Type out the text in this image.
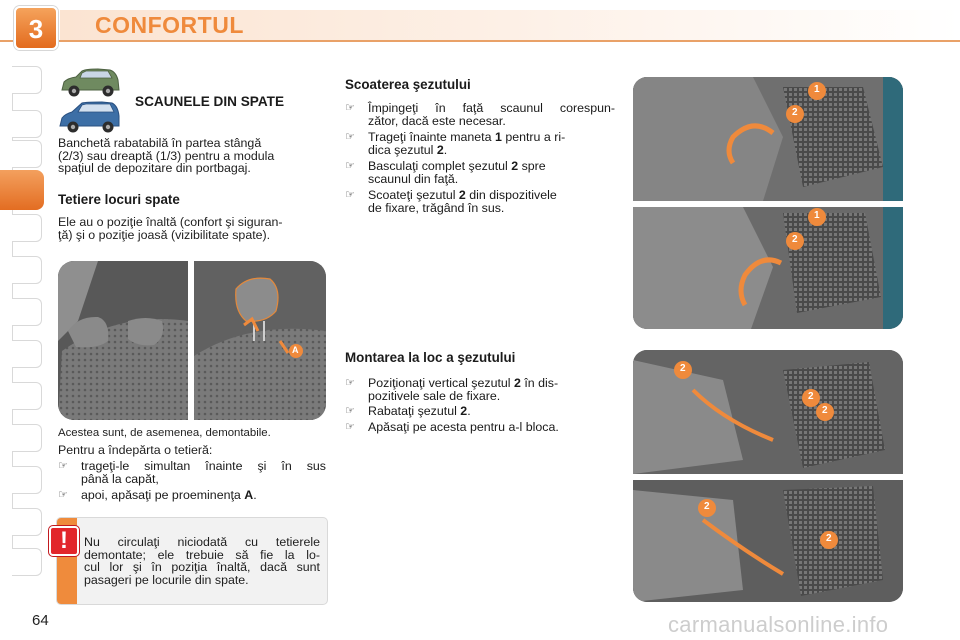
3	CONFORTUL
SCAUNELE DIN SPATE
Banchetă rabatabilă în partea stângă
(2/3) sau dreaptă (1/3) pentru a modula
spaţiul de depozitare din portbagaj.
Tetiere locuri spate
Ele au o poziţie înaltă (confort şi siguran-
ţă) şi o poziţie joasă (vizibilitate spate).
A
Acestea sunt, de asemenea, demontabile.
Pentru a îndepărta o tetieră:
☞ trageţi-le simultan înainte şi în sus
până la capăt,
☞ apoi, apăsaţi pe proeminenţa A.
!	Nu circulaţi niciodată cu tetierele
demontate; ele trebuie să fie la lo-
cul lor şi în poziţia înaltă, dacă sunt
pasageri pe locurile din spate.
Scoaterea şezutului
☞ Împingeţi în faţă scaunul corespun-
zător, dacă este necesar.
☞ Trageţi înainte maneta 1 pentru a ri-
dica şezutul 2.
☞ Basculaţi complet şezutul 2 spre
scaunul din faţă.
☞ Scoateţi şezutul 2 din dispozitivele
de fixare, trăgând în sus.
Montarea la loc a şezutului
☞ Poziţionaţi vertical şezutul 2 în dis-
pozitivele sale de fixare.
☞ Rabataţi şezutul 2.
☞ Apăsaţi pe acesta pentru a-l bloca.
1
2
1
2
2
2
2
2
2
64	carmanualsonline.info
